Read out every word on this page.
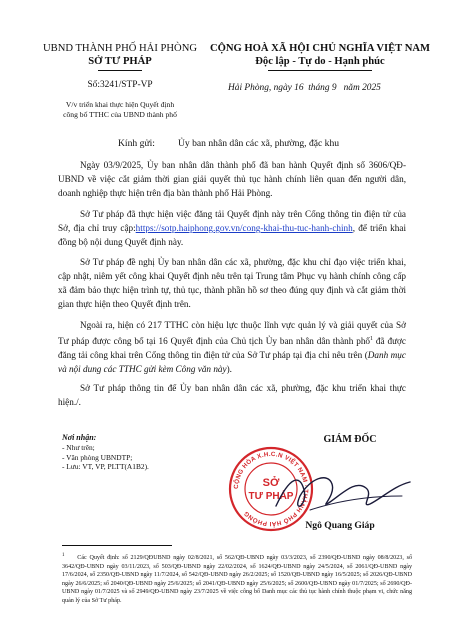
UBND THÀNH PHỐ HẢI PHÒNG
SỞ TƯ PHÁP
Số:3241/STP-VP
V/v triển khai thực hiện Quyết định
công bố TTHC của UBND thành phố
CỘNG HOÀ XÃ HỘI CHỦ NGHĨA VIỆT NAM
Độc lập - Tự do - Hạnh phúc
Hải Phòng, ngày 16  tháng 9   năm 2025
Kính gửi: Ủy ban nhân dân các xã, phường, đặc khu
Ngày 03/9/2025, Ủy ban nhân dân thành phố đã ban hành Quyết định số 3606/QĐ-UBND về việc cắt giảm thời gian giải quyết thủ tục hành chính liên quan đến người dân, doanh nghiệp thực hiện trên địa bàn thành phố Hải Phòng.
Sở Tư pháp đã thực hiện việc đăng tải Quyết định này trên Cổng thông tin điện tử của Sở, địa chỉ truy cập:https://sotp.haiphong.gov.vn/cong-khai-thu-tuc-hanh-chinh, để triển khai đồng bộ nội dung Quyết định này.
Sở Tư pháp đề nghị Ủy ban nhân dân các xã, phường, đặc khu chỉ đạo việc triển khai, cập nhật, niêm yết công khai Quyết định nêu trên tại Trung tâm Phục vụ hành chính công cấp xã đảm bảo thực hiện trình tự, thủ tục, thành phần hồ sơ theo đúng quy định và cắt giảm thời gian thực hiện theo Quyết định trên.
Ngoài ra, hiện có 217 TTHC còn hiệu lực thuộc lĩnh vực quản lý và giải quyết của Sở Tư pháp được công bố tại 16 Quyết định của Chủ tịch Ủy ban nhân dân thành phố$^1$ đã được đăng tải công khai trên Cổng thông tin điện tử của Sở Tư pháp tại địa chỉ nêu trên (Danh mục và nội dung các TTHC gửi kèm Công văn này).
Sở Tư pháp thông tin để Ủy ban nhân dân các xã, phường, đặc khu triển khai thực hiện./.
Nơi nhận:
- Như trên;
- Văn phòng UBNDTP;
- Lưu: VT, VP, PLTT(A1B2).
GIÁM ĐỐC
CỘNG HÒA X.H.C.N VIỆT NAM · THÀNH PHỐ HẢI PHÒNG
SỞ
TƯ PHÁP
Ngô Quang Giáp
$^1$ Các Quyết định: số 2129/QĐUBND ngày 02/8/2021, số 562/QĐ-UBND ngày 03/3/2023, số 2390/QĐ-UBND ngày 08/8/2023, số 3642/QĐ-UBND ngày 03/11/2023, số 503/QĐ-UBND ngày 22/02/2024, số 1624/QĐ-UBND ngày 24/5/2024, số 2061/QĐ-UBND ngày 17/6/2024, số 2350/QĐ-UBND ngày 11/7/2024, số 542/QĐ-UBND ngày 26/2/2025; số 1520/QĐ-UBND ngày 16/5/2025; số 2026/QĐ-UBND ngày 26/6/2025; số 2040/QĐ-UBND ngày 25/6/2025; số 2041/QĐ-UBND ngày 25/6/2025; số 2600/QĐ-UBND ngày 01/7/2025; số 2690/QĐ-UBND ngày 01/7/2025 và số 2949/QĐ-UBND ngày 23/7/2025 về việc công bố Danh mục các thủ tục hành chính thuộc phạm vi, chức năng quản lý của Sở Tư pháp.
